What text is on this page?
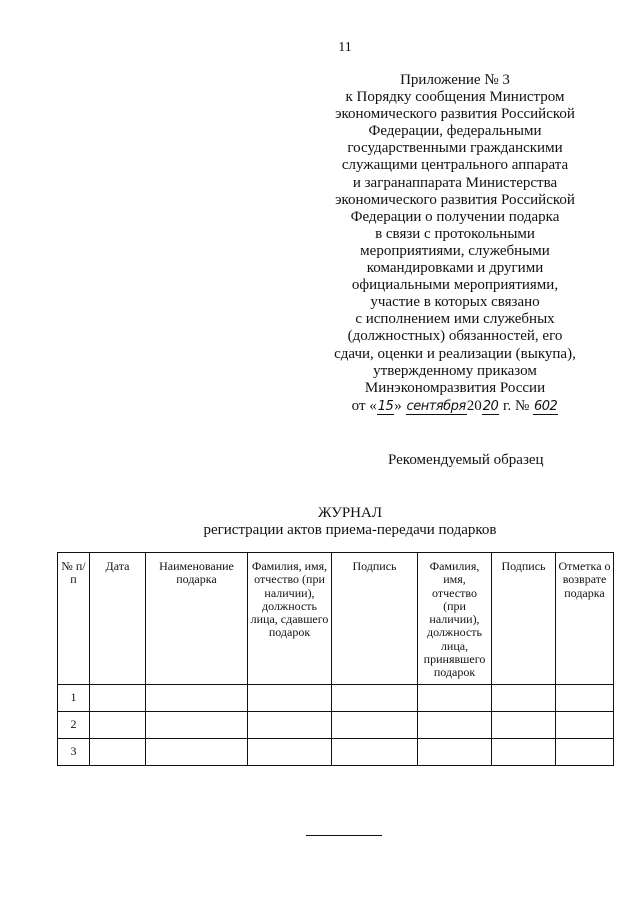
11
Приложение № 3
к Порядку сообщения Министром
экономического развития Российской
Федерации, федеральными
государственными гражданскими
служащими центрального аппарата
и загранаппарата Министерства
экономического развития Российской
Федерации о получении подарка
в связи с протокольными
мероприятиями, служебными
командировками и другими
официальными мероприятиями,
участие в которых связано
с исполнением ими служебных
(должностных) обязанностей, его
сдачи, оценки и реализации (выкупа),
утвержденному приказом
Минэкономразвития России
от «15» сентября2020 г. № 602
Рекомендуемый образец
ЖУРНАЛ
регистрации актов приема-передачи подарков
№ п/п	Дата	Наименование подарка	Фамилия, имя, отчество (при наличии), должность лица, сдавшего подарок	Подпись	Фамилия, имя, отчество (при наличии), должность лица, принявшего подарок	Подпись	Отметка о возврате подарка
1							
2							
3							
